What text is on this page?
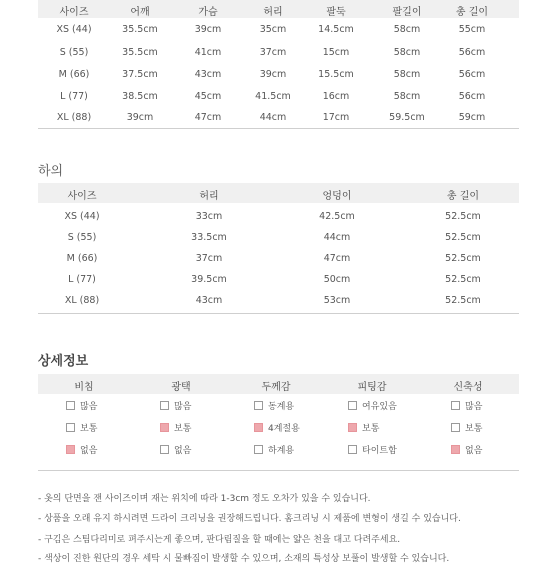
사이즈	어깨	가슴	허리	팔둑	팔길이	총 길이
XS (44)	35.5cm	39cm	35cm	14.5cm	58cm	55cm
S (55)	35.5cm	41cm	37cm	15cm	58cm	56cm
M (66)	37.5cm	43cm	39cm	15.5cm	58cm	56cm
L (77)	38.5cm	45cm	41.5cm	16cm	58cm	56cm
XL (88)	39cm	47cm	44cm	17cm	59.5cm	59cm
하의
사이즈	허리	엉덩이	총 길이
XS (44)	33cm	42.5cm	52.5cm
S (55)	33.5cm	44cm	52.5cm
M (66)	37cm	47cm	52.5cm
L (77)	39.5cm	50cm	52.5cm
XL (88)	43cm	53cm	52.5cm
상세정보
비침	광택	두께감	피팅감	신축성
많음	많음	동계용	여유있음	많음
보통	보통	4계절용	보통	보통
없음	없음	하계용	타이트함	없음
- 옷의 단면을 잰 사이즈이며 재는 위치에 따라 1-3cm 정도 오차가 있을 수 있습니다.
- 상품을 오래 유지 하시려면 드라이 크리닝을 권장해드립니다. 홈크리닝 시 제품에 변형이 생길 수 있습니다.
- 구김은 스팀다리미로 펴주시는게 좋으며, 판다림질을 할 때에는 얇은 천을 대고 다려주세요.
- 색상이 진한 원단의 경우 세탁 시 물빠짐이 발생할 수 있으며, 소재의 특성상 보풀이 발생할 수 있습니다.
